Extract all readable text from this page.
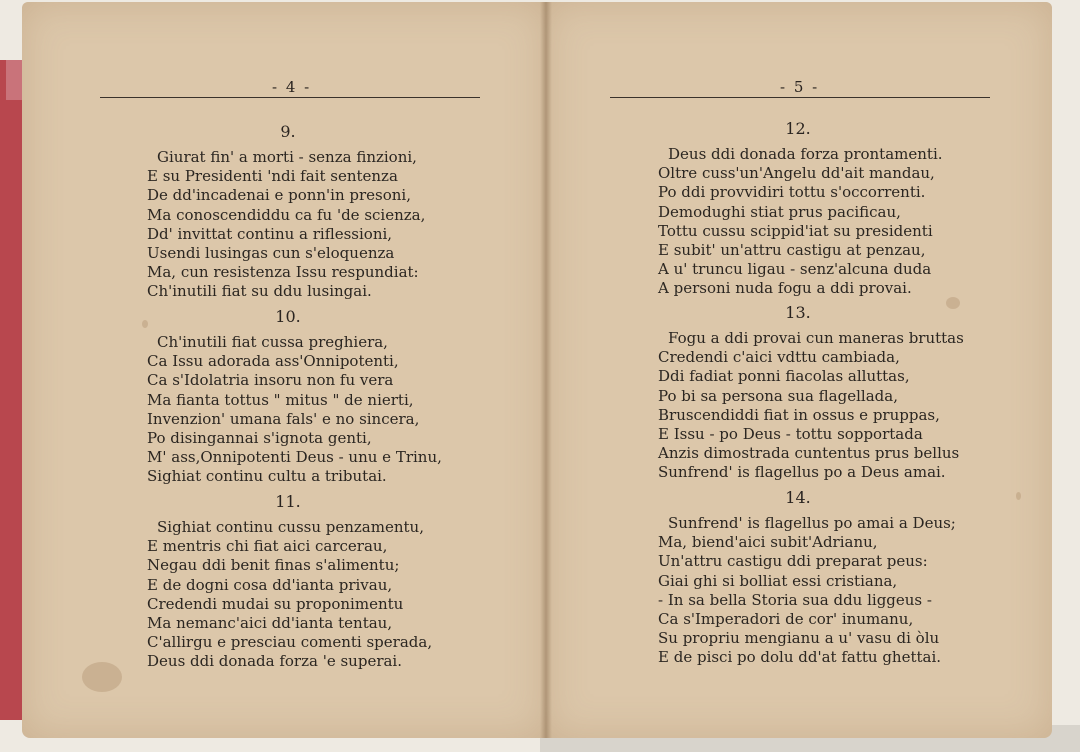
- 4 -
9.
Giurat fin' a morti - senza finzioni,
E su Presidenti 'ndi fait sentenza
De dd'incadenai e ponn'in presoni,
Ma conoscendiddu ca fu 'de scienza,
Dd' invittat continu a riflessioni,
Usendi lusingas cun s'eloquenza
Ma, cun resistenza Issu respundiat:
Ch'inutili fiat su ddu lusingai.
10.
Ch'inutili fiat cussa preghiera,
Ca Issu adorada ass'Onnipotenti,
Ca s'Idolatria insoru non fu vera
Ma fianta tottus " mitus " de nierti,
Invenzion' umana fals' e no sincera,
Po disingannai s'ignota genti,
M' ass,Onnipotenti Deus - unu e Trinu,
Sighiat continu cultu a tributai.
11.
Sighiat continu cussu penzamentu,
E mentris chi fiat aici carcerau,
Negau ddi benit finas s'alimentu;
E de dogni cosa dd'ianta privau,
Credendi mudai su proponimentu
Ma nemanc'aici dd'ianta tentau,
C'allirgu e presciau comenti sperada,
Deus ddi donada forza 'e superai.
- 5 -
12.
Deus ddi donada forza prontamenti.
Oltre cuss'un'Angelu dd'ait mandau,
Po ddi provvidiri tottu s'occorrenti.
Demodughi stiat prus pacificau,
Tottu cussu scippid'iat su presidenti
E subit' un'attru castigu at penzau,
A u' truncu ligau - senz'alcuna duda
A personi nuda fogu a ddi provai.
13.
Fogu a ddi provai cun maneras bruttas
Credendi c'aici vdttu cambiada,
Ddi fadiat ponni fiacolas alluttas,
Po bi sa persona sua flagellada,
Bruscendiddi fiat in ossus e pruppas,
E Issu - po Deus - tottu sopportada
Anzis dimostrada cuntentus prus bellus
Sunfrend' is flagellus po a Deus amai.
14.
Sunfrend' is flagellus po amai a Deus;
Ma, biend'aici subit'Adrianu,
Un'attru castigu ddi preparat peus:
Giai ghi si bolliat essi cristiana,
- In sa bella Storia sua ddu liggeus -
Ca s'Imperadori de cor' inumanu,
Su propriu mengianu a u' vasu di òlu
E de pisci po dolu dd'at fattu ghettai.
